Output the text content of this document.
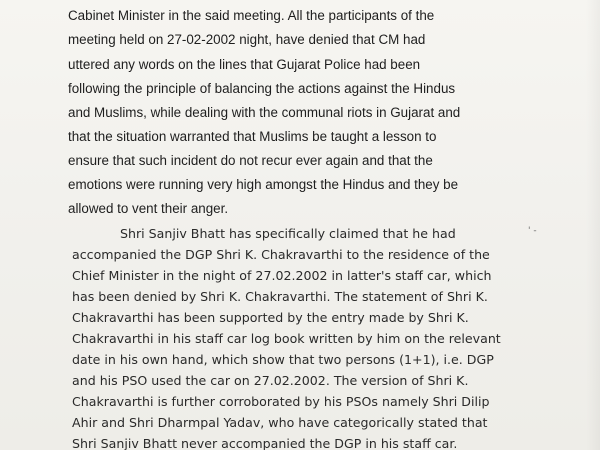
Cabinet Minister in the said meeting. All the participants of the
meeting held on 27-02-2002 night, have denied that CM had
uttered any words on the lines that Gujarat Police had been
following the principle of balancing the actions against the Hindus
and Muslims, while dealing with the communal riots in Gujarat and
that the situation warranted that Muslims be taught a lesson to
ensure that such incident do not recur ever again and that the
emotions were running very high amongst the Hindus and they be
allowed to vent their anger.
' -
Shri Sanjiv Bhatt has specifically claimed that he had
accompanied the DGP Shri K. Chakravarthi to the residence of the
Chief Minister in the night of 27.02.2002 in latter's staff car, which
has been denied by Shri K. Chakravarthi. The statement of Shri K.
Chakravarthi has been supported by the entry made by Shri K.
Chakravarthi in his staff car log book written by him on the relevant
date in his own hand, which show that two persons (1+1), i.e. DGP
and his PSO used the car on 27.02.2002. The version of Shri K.
Chakravarthi is further corroborated by his PSOs namely Shri Dilip
Ahir and Shri Dharmpal Yadav, who have categorically stated that
Shri Sanjiv Bhatt never accompanied the DGP in his staff car.
